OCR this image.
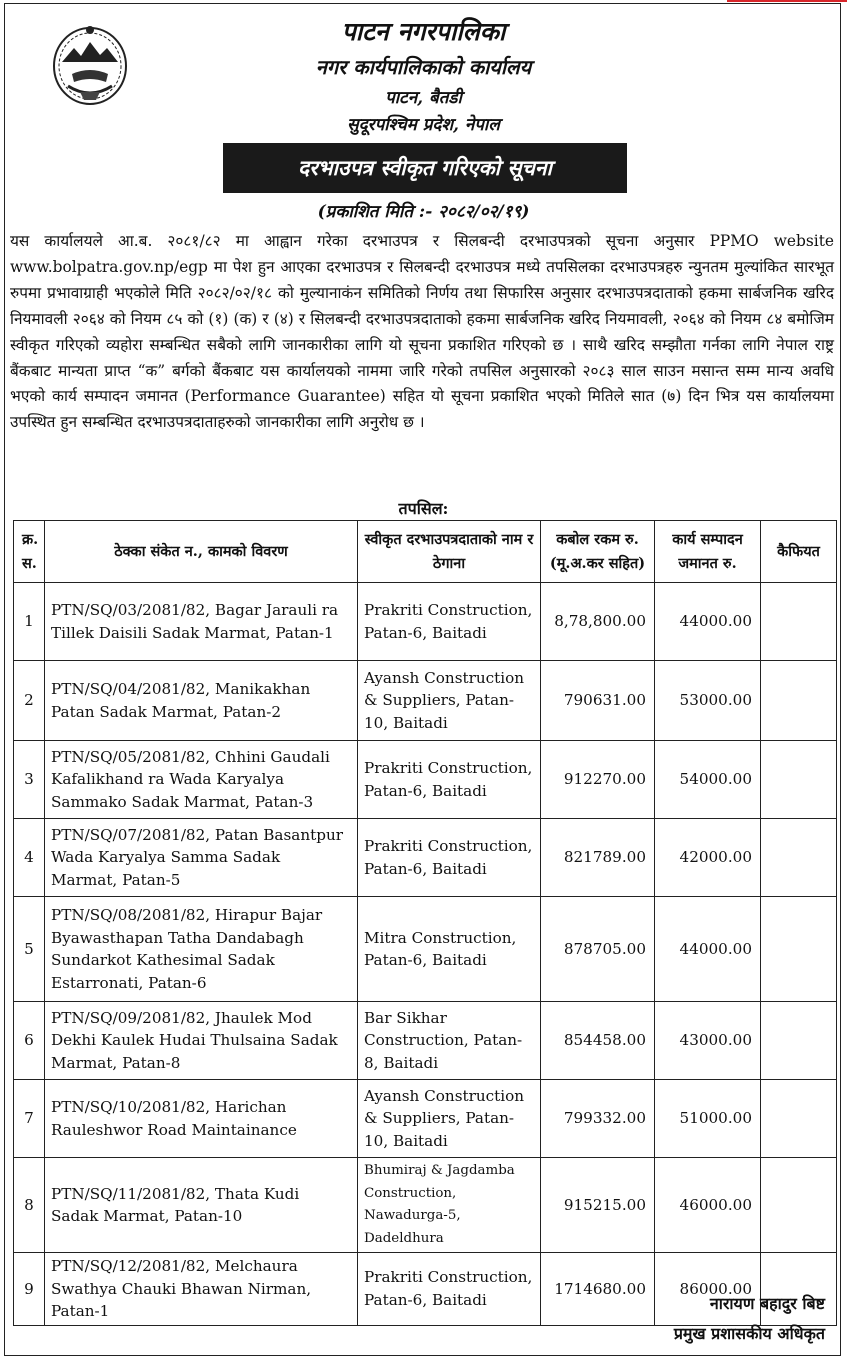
पाटन नगरपालिका
नगर कार्यपालिकाको कार्यालय
पाटन, बैतडी
सुदूरपश्चिम प्रदेश, नेपाल
दरभाउपत्र स्वीकृत गरिएको सूचना
(प्रकाशित मिति :- २०८२/०२/१९)
यस कार्यालयले आ.ब. २०८१/८२ मा आह्वान गरेका दरभाउपत्र र सिलबन्दी दरभाउपत्रको सूचना अनुसार PPMO website www.bolpatra.gov.np/egp मा पेश हुन आएका दरभाउपत्र र सिलबन्दी दरभाउपत्र मध्ये तपसिलका दरभाउपत्रहरु न्युनतम मुल्यांकित सारभूत रुपमा प्रभावाग्राही भएकोले मिति २०८२/०२/१८ को मुल्यानाकंन समितिको निर्णय तथा सिफारिस अनुसार दरभाउपत्रदाताको हकमा सार्बजनिक खरिद नियमावली २०६४ को नियम ८५ को (१) (क) र (४) र सिलबन्दी दरभाउपत्रदाताको हकमा सार्बजनिक खरिद नियमावली, २०६४ को नियम ८४ बमोजिम स्वीकृत गरिएको व्यहोरा सम्बन्धित सबैको लागि जानकारीका लागि यो सूचना प्रकाशित गरिएको छ । साथै खरिद सम्झौता गर्नका लागि नेपाल राष्ट्र बैंकबाट मान्यता प्राप्त “क” बर्गको बैंकबाट यस कार्यालयको नाममा जारि गरेको तपसिल अनुसारको २०८३ साल साउन मसान्त सम्म मान्य अवधि भएको कार्य सम्पादन जमानत (Performance Guarantee) सहित यो सूचना प्रकाशित भएको मितिले सात (७) दिन भित्र यस कार्यालयमा उपस्थित हुन सम्बन्धित दरभाउपत्रदाताहरुको जानकारीका लागि अनुरोध छ ।
तपसिल:
क्र. स.	ठेक्का संकेत न., कामको विवरण	स्वीकृत दरभाउपत्रदाताको नाम र ठेगाना	कबोल रकम रु. (मू.अ.कर सहित)	कार्य सम्पादन जमानत रु.	कैफियत
1	PTN/SQ/03/2081/82, Bagar Jarauli ra Tillek Daisili Sadak Marmat, Patan-1	Prakriti Construction, Patan-6, Baitadi	8,78,800.00	44000.00	
2	PTN/SQ/04/2081/82, Manikakhan Patan Sadak Marmat, Patan-2	Ayansh Construction & Suppliers, Patan-10, Baitadi	790631.00	53000.00	
3	PTN/SQ/05/2081/82, Chhini Gaudali Kafalikhand ra Wada Karyalya Sammako Sadak Marmat, Patan-3	Prakriti Construction, Patan-6, Baitadi	912270.00	54000.00	
4	PTN/SQ/07/2081/82, Patan Basantpur Wada Karyalya Samma Sadak Marmat, Patan-5	Prakriti Construction, Patan-6, Baitadi	821789.00	42000.00	
5	PTN/SQ/08/2081/82, Hirapur Bajar Byawasthapan Tatha Dandabagh Sundarkot Kathesimal Sadak Estarronati, Patan-6	Mitra Construction, Patan-6, Baitadi	878705.00	44000.00	
6	PTN/SQ/09/2081/82, Jhaulek Mod Dekhi Kaulek Hudai Thulsaina Sadak Marmat, Patan-8	Bar Sikhar Construction, Patan-8, Baitadi	854458.00	43000.00	
7	PTN/SQ/10/2081/82, Harichan Rauleshwor Road Maintainance	Ayansh Construction & Suppliers, Patan-10, Baitadi	799332.00	51000.00	
8	PTN/SQ/11/2081/82, Thata Kudi Sadak Marmat, Patan-10	Bhumiraj & Jagdamba Construction, Nawadurga-5, Dadeldhura	915215.00	46000.00	
9	PTN/SQ/12/2081/82, Melchaura Swathya Chauki Bhawan Nirman, Patan-1	Prakriti Construction, Patan-6, Baitadi	1714680.00	86000.00	
नारायण बहादुर बिष्ट
प्रमुख प्रशासकीय अधिकृत
